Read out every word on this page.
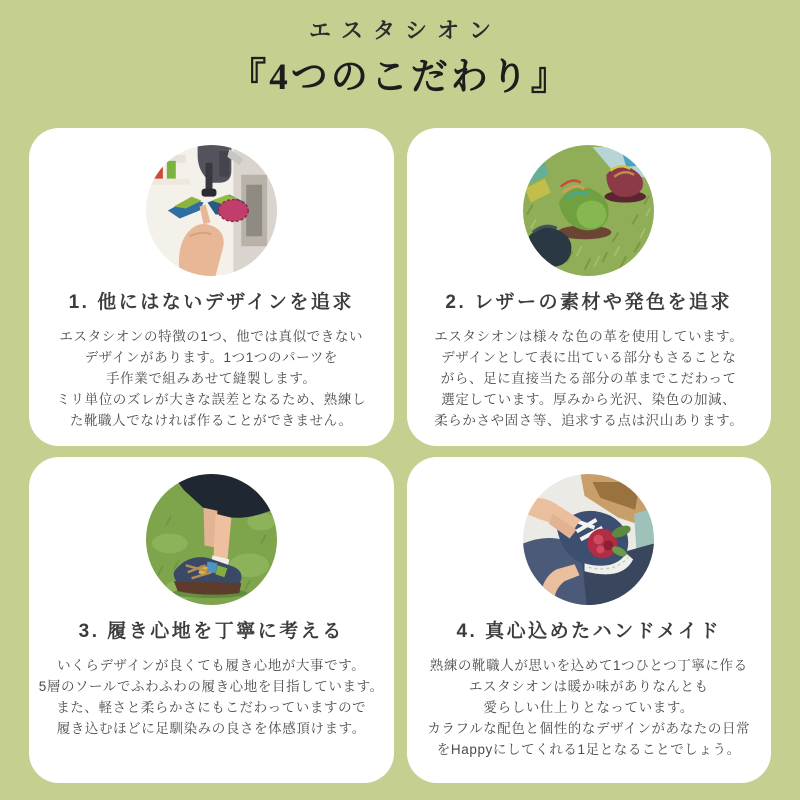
エスタシオン
『4つのこだわり』
1. 他にはないデザインを追求

エスタシオンの特徴の1つ、他では真似できない
デザインがあります。1つ1つのパーツを
手作業で組みあせて縫製します。
ミリ単位のズレが大きな誤差となるため、熟練し
た靴職人でなければ作ることができません。

2. レザーの素材や発色を追求

エスタシオンは様々な色の革を使用しています。
デザインとして表に出ている部分もさることな
がら、足に直接当たる部分の革までこだわって
選定しています。厚みから光沢、染色の加減、
柔らかさや固さ等、追求する点は沢山あります。

3. 履き心地を丁寧に考える

いくらデザインが良くても履き心地が大事です。
5層のソールでふわふわの履き心地を目指しています。
また、軽さと柔らかさにもこだわっていますので
履き込むほどに足馴染みの良さを体感頂けます。

4. 真心込めたハンドメイド

熟練の靴職人が思いを込めて1つひとつ丁寧に作る
エスタシオンは暖か味がありなんとも
愛らしい仕上りとなっています。
カラフルな配色と個性的なデザインがあなたの日常
をHappyにしてくれる1足となることでしょう。
